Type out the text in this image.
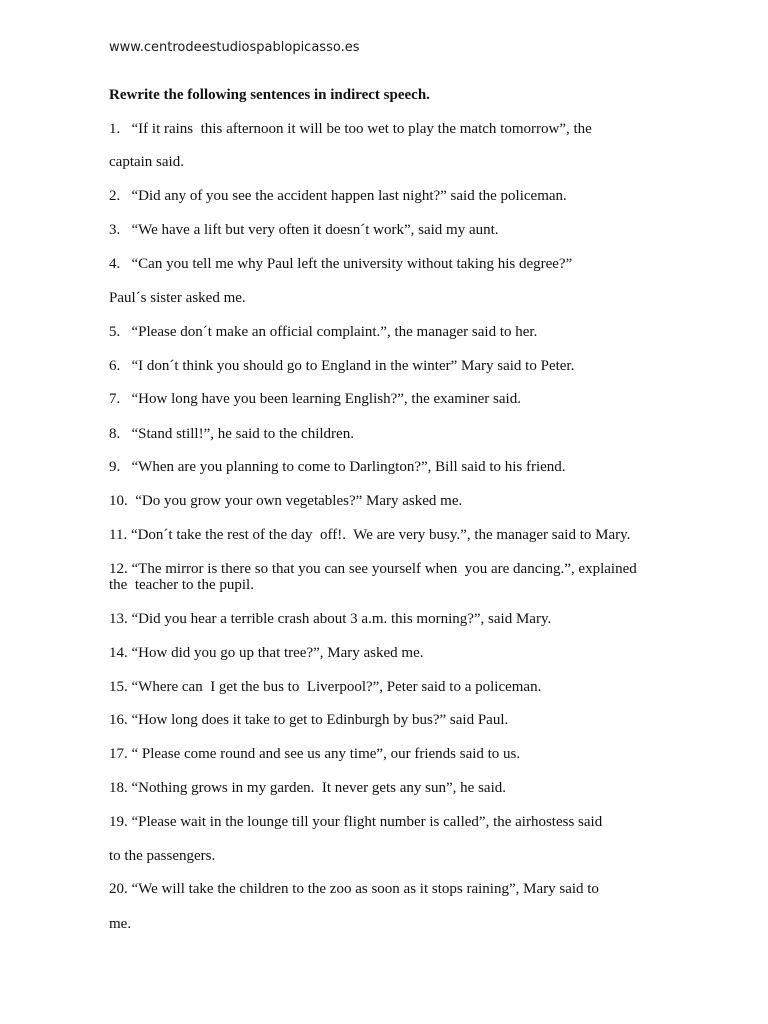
www.centrodeestudiospablopicasso.es
Rewrite the following sentences in indirect speech.
1.   “If it rains  this afternoon it will be too wet to play the match tomorrow”, the
captain said.
2.   “Did any of you see the accident happen last night?” said the policeman.
3.   “We have a lift but very often it doesn´t work”, said my aunt.
4.   “Can you tell me why Paul left the university without taking his degree?”
Paul´s sister asked me.
5.   “Please don´t make an official complaint.”, the manager said to her.
6.   “I don´t think you should go to England in the winter” Mary said to Peter.
7.   “How long have you been learning English?”, the examiner said.
8.   “Stand still!”, he said to the children.
9.   “When are you planning to come to Darlington?”, Bill said to his friend.
10.  “Do you grow your own vegetables?” Mary asked me.
11. “Don´t take the rest of the day  off!.  We are very busy.”, the manager said to Mary.
12. “The mirror is there so that you can see yourself when  you are dancing.”, explained
the  teacher to the pupil.
13. “Did you hear a terrible crash about 3 a.m. this morning?”, said Mary.
14. “How did you go up that tree?”, Mary asked me.
15. “Where can  I get the bus to  Liverpool?”, Peter said to a policeman.
16. “How long does it take to get to Edinburgh by bus?” said Paul.
17. “ Please come round and see us any time”, our friends said to us.
18. “Nothing grows in my garden.  It never gets any sun”, he said.
19. “Please wait in the lounge till your flight number is called”, the airhostess said
to the passengers.
20. “We will take the children to the zoo as soon as it stops raining”, Mary said to
me.
